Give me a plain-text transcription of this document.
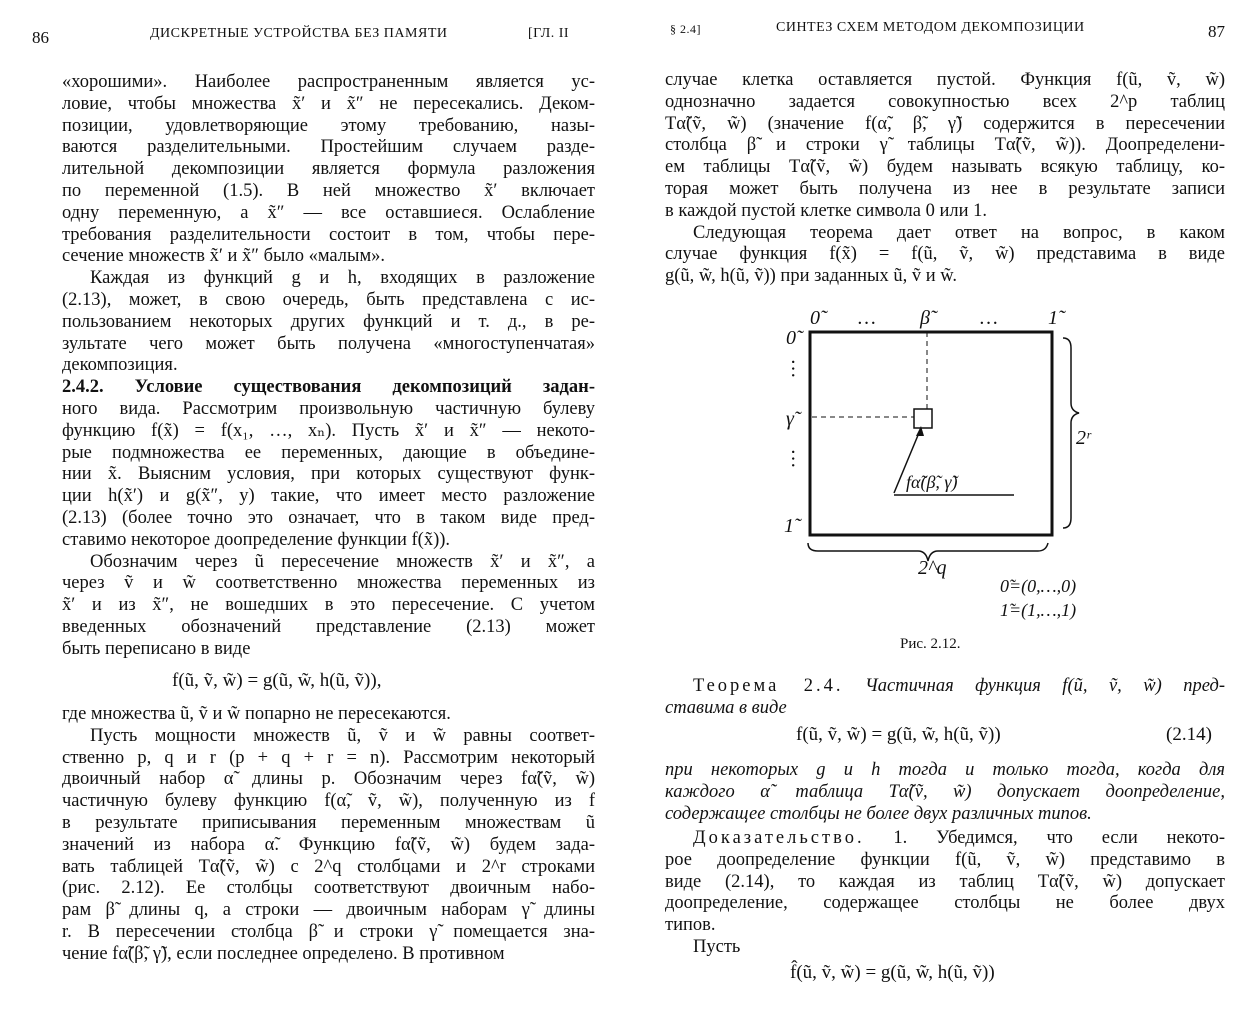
86	ДИСКРЕТНЫЕ УСТРОЙСТВА БЕЗ ПАМЯТИ	[ГЛ. II	§ 2.4]	СИНТЕЗ СХЕМ МЕТОДОМ ДЕКОМПОЗИЦИИ	87
«хорошими». Наиболее распространенным является ус-
ловие, чтобы множества x̃′ и x̃″ не пересекались. Деком-
позиции, удовлетворяющие этому требованию, назы-
ваются разделительными. Простейшим случаем разде-
лительной декомпозиции является формула разложения
по переменной (1.5). В ней множество x̃′ включает
одну переменную, а x̃″ — все оставшиеся. Ослабление
требования разделительности состоит в том, чтобы пере-
сечение множеств x̃′ и x̃″ было «малым».
Каждая из функций g и h, входящих в разложение
(2.13), может, в свою очередь, быть представлена с ис-
пользованием некоторых других функций и т. д., в ре-
зультате чего может быть получена «многоступенчатая»
декомпозиция.
2.4.2. Условие существования декомпозиций задан-
ного вида. Рассмотрим произвольную частичную булеву
функцию f(x̃) = f(x₁, …, xₙ). Пусть x̃′ и x̃″ — некото-
рые подмножества ее переменных, дающие в объедине-
нии x̃. Выясним условия, при которых существуют функ-
ции h(x̃′) и g(x̃″, y) такие, что имеет место разложение
(2.13) (более точно это означает, что в таком виде пред-
ставимо некоторое доопределение функции f(x̃)).
Обозначим через ũ пересечение множеств x̃′ и x̃″, а
через ṽ и w̃ соответственно множества переменных из
x̃′ и из x̃″, не вошедших в это пересечение. С учетом
введенных обозначений представление (2.13) может
быть переписано в виде
f(ũ, ṽ, w̃) = g(ũ, w̃, h(ũ, ṽ)),
где множества ũ, ṽ и w̃ попарно не пересекаются.
Пусть мощности множеств ũ, ṽ и w̃ равны соответ-
ственно p, q и r (p + q + r = n). Рассмотрим некоторый
двоичный набор α̃ длины p. Обозначим через fα̃(ṽ, w̃)
частичную булеву функцию f(α̃, ṽ, w̃), полученную из f
в результате приписывания переменным множествам ũ
значений из набора α̃. Функцию fα̃(ṽ, w̃) будем зада-
вать таблицей Tα̃(ṽ, w̃) с 2^q столбцами и 2^r строками
(рис. 2.12). Ее столбцы соответствуют двоичным набо-
рам β̃ длины q, а строки — двоичным наборам γ̃ длины
r. В пересечении столбца β̃ и строки γ̃ помещается зна-
чение fα̃(β̃, γ̃), если последнее определено. В противном
случае клетка оставляется пустой. Функция f(ũ, ṽ, w̃)
однозначно задается совокупностью всех 2^p таблиц
Tα̃(ṽ, w̃) (значение f(α̃, β̃, γ̃) содержится в пересечении
столбца β̃ и строки γ̃ таблицы Tα̃(ṽ, w̃)). Доопределени-
ем таблицы Tα̃(ṽ, w̃) будем называть всякую таблицу, ко-
торая может быть получена из нее в результате записи
в каждой пустой клетке символа 0 или 1.
Следующая теорема дает ответ на вопрос, в каком
случае функция f(x̃) = f(ũ, ṽ, w̃) представима в виде
g(ũ, w̃, h(ũ, ṽ)) при заданных ũ, ṽ и w̃.
0̃	… β̃	…	1̃
0̃
…
γ̃
…
1̃
fα̃(β̃, γ̃)
2ʳ
2^q
0̃=(0,…,0)
1̃=(1,…,1)
Рис. 2.12.
Теорема 2.4. Частичная функция f(ũ, ṽ, w̃) пред-
ставима в виде
f(ũ, ṽ, w̃) = g(ũ, w̃, h(ũ, ṽ))	(2.14)
при некоторых g и h тогда и только тогда, когда для
каждого α̃ таблица Tα̃(ṽ, w̃) допускает доопределение,
содержащее столбцы не более двух различных типов.
Доказательство. 1. Убедимся, что если некото-
рое доопределение функции f(ũ, ṽ, w̃) представимо в
виде (2.14), то каждая из таблиц Tα̃(ṽ, w̃) допускает
доопределение, содержащее столбцы не более двух
типов.
Пусть
f̂(ũ, ṽ, w̃) = g(ũ, w̃, h(ũ, ṽ))
